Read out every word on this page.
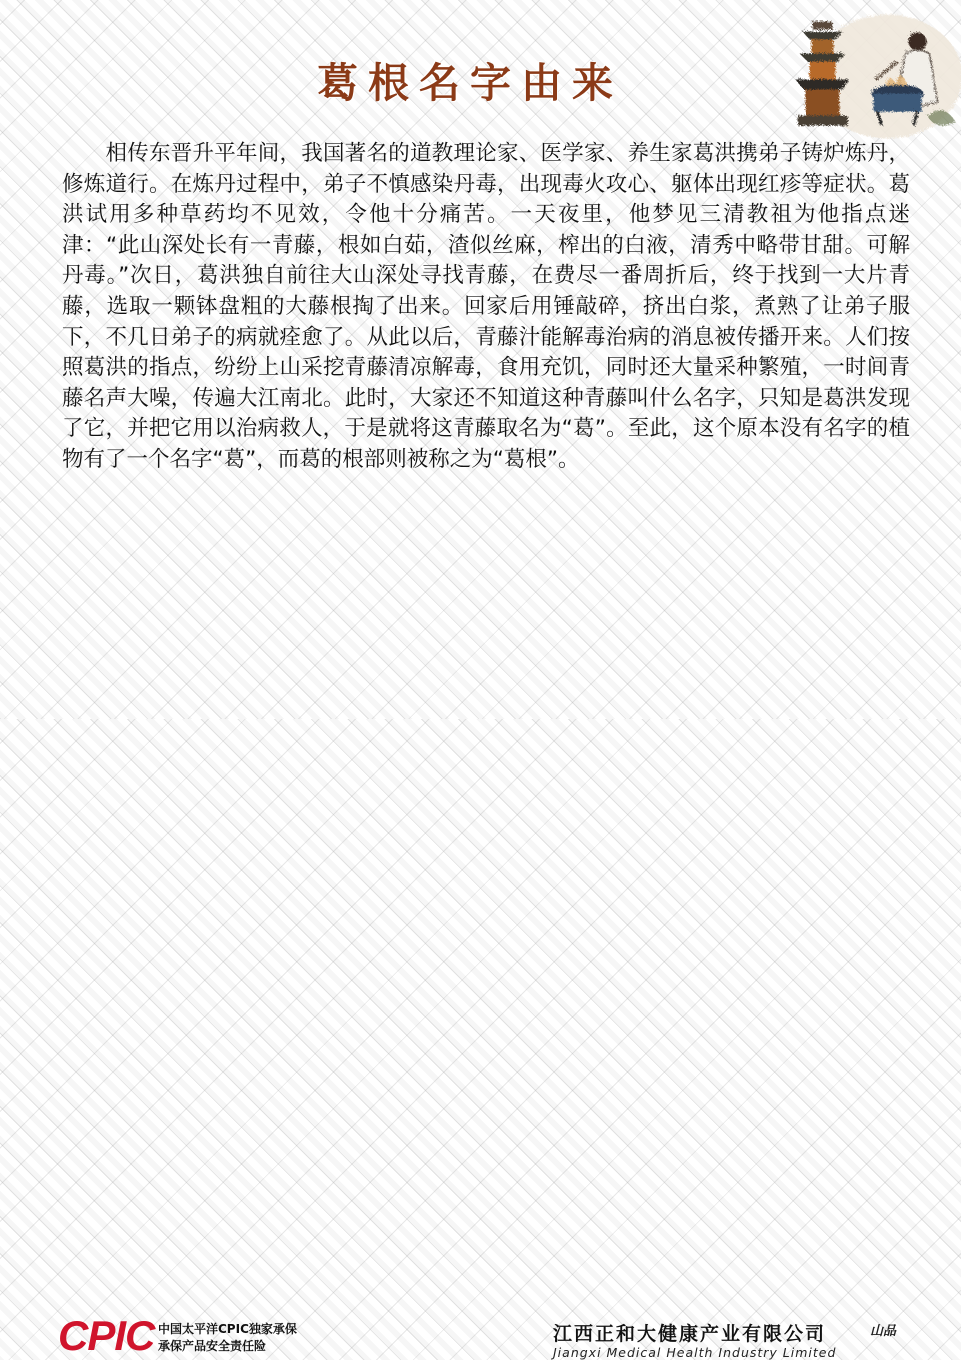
葛根名字由来

　　相传东晋升平年间，我国著名的道教理论家、医学家、养生家葛洪携弟子铸炉炼丹，修炼道行。在炼丹过程中，弟子不慎感染丹毒，出现毒火攻心、躯体出现红疹等症状。葛洪试用多种草药均不见效，令他十分痛苦。一天夜里，他梦见三清教祖为他指点迷津：“此山深处长有一青藤，根如白茹，渣似丝麻，榨出的白液，清秀中略带甘甜。可解丹毒。”次日，葛洪独自前往大山深处寻找青藤，在费尽一番周折后，终于找到一大片青藤，选取一颗钵盘粗的大藤根掏了出来。回家后用锤敲碎，挤出白浆，煮熟了让弟子服下，不几日弟子的病就痊愈了。从此以后，青藤汁能解毒治病的消息被传播开来。人们按照葛洪的指点，纷纷上山采挖青藤清凉解毒，食用充饥，同时还大量采种繁殖，一时间青藤名声大噪，传遍大江南北。此时，大家还不知道这种青藤叫什么名字，只知是葛洪发现了它，并把它用以治病救人，于是就将这青藤取名为“葛”。至此，这个原本没有名字的植物有了一个名字“葛”，而葛的根部则被称之为“葛根”。

CPIC 中国太平洋CPIC独家承保
承保产品安全责任险
江西正和大健康产业有限公司
Jiangxi Medical Health Industry Limited
山品
